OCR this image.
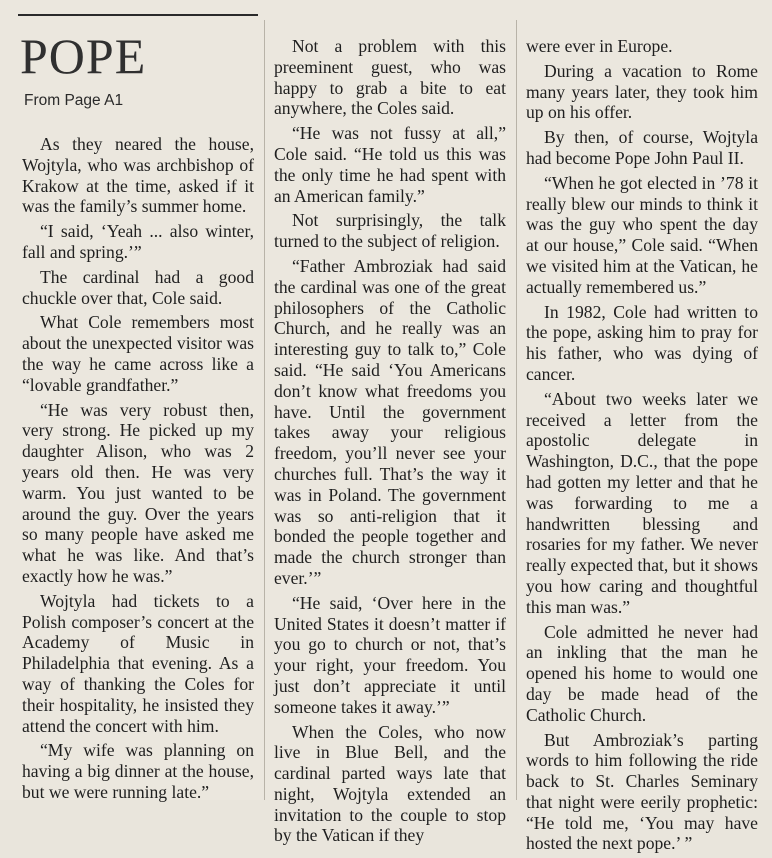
POPE
From Page A1

As they neared the house, Wojtyla, who was archbishop of Krakow at the time, asked if it was the family’s summer home.

“I said, ‘Yeah ... also winter, fall and spring.’”

The cardinal had a good chuckle over that, Cole said.

What Cole remembers most about the unexpected visitor was the way he came across like a “lovable grandfather.”

“He was very robust then, very strong. He picked up my daughter Alison, who was 2 years old then. He was very warm. You just wanted to be around the guy. Over the years so many people have asked me what he was like. And that’s exactly how he was.”

Wojtyla had tickets to a Polish composer’s concert at the Academy of Music in Philadelphia that evening. As a way of thanking the Coles for their hospitality, he insisted they attend the concert with him.

“My wife was planning on having a big dinner at the house, but we were running late.”

Not a problem with this preeminent guest, who was happy to grab a bite to eat anywhere, the Coles said.

“He was not fussy at all,” Cole said. “He told us this was the only time he had spent with an American family.”

Not surprisingly, the talk turned to the subject of religion.

“Father Ambroziak had said the cardinal was one of the great philosophers of the Catholic Church, and he really was an interesting guy to talk to,” Cole said. “He said ‘You Americans don’t know what freedoms you have. Until the government takes away your religious freedom, you’ll never see your churches full. That’s the way it was in Poland. The government was so anti-religion that it bonded the people together and made the church stronger than ever.’”

“He said, ‘Over here in the United States it doesn’t matter if you go to church or not, that’s your right, your freedom. You just don’t appreciate it until someone takes it away.’”

When the Coles, who now live in Blue Bell, and the cardinal parted ways late that night, Wojtyla extended an invitation to the couple to stop by the Vatican if they

were ever in Europe.

During a vacation to Rome many years later, they took him up on his offer.

By then, of course, Wojtyla had become Pope John Paul II.

“When he got elected in ’78 it really blew our minds to think it was the guy who spent the day at our house,” Cole said. “When we visited him at the Vatican, he actually remembered us.”

In 1982, Cole had written to the pope, asking him to pray for his father, who was dying of cancer.

“About two weeks later we received a letter from the apostolic delegate in Washington, D.C., that the pope had gotten my letter and that he was forwarding to me a handwritten blessing and rosaries for my father. We never really expected that, but it shows you how caring and thoughtful this man was.”

Cole admitted he never had an inkling that the man he opened his home to would one day be made head of the Catholic Church.

But Ambroziak’s parting words to him following the ride back to St. Charles Seminary that night were eerily prophetic: “He told me, ‘You may have hosted the next pope.’ ”
